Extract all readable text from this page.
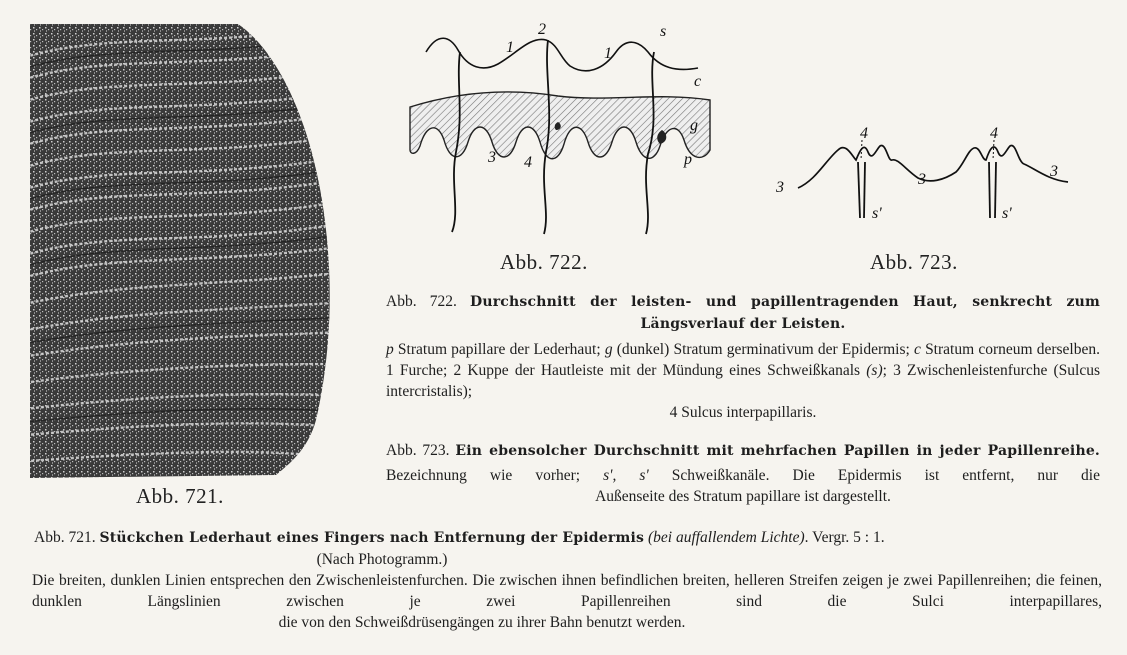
Abb. 721.
1
2
1
s
c
g
p
3 4
Abb. 722.
3
4
s'
3
4
s'
3
Abb. 723.
Abb. 722. Durchschnitt der leisten- und papillentragenden Haut, senkrecht zum
Längsverlauf der Leisten.
p Stratum papillare der Lederhaut; g (dunkel) Stratum germinativum der Epidermis; c Stratum corneum derselben. 1 Furche; 2 Kuppe der Hautleiste mit der Mündung eines Schweißkanals (s); 3 Zwischenleistenfurche (Sulcus intercristalis);
4 Sulcus interpapillaris.
Abb. 723. Ein ebensolcher Durchschnitt mit mehrfachen Papillen in jeder Papillenreihe.
Bezeichnung wie vorher; s', s' Schweißkanäle. Die Epidermis ist entfernt, nur die
Außenseite des Stratum papillare ist dargestellt.
Abb. 721. Stückchen Lederhaut eines Fingers nach Entfernung der Epidermis (bei auffallendem Lichte). Vergr. 5 : 1.
(Nach Photogramm.)
Die breiten, dunklen Linien entsprechen den Zwischenleistenfurchen. Die zwischen ihnen befindlichen breiten, helleren Streifen zeigen je zwei Papillenreihen; die feinen, dunklen Längslinien zwischen je zwei Papillenreihen sind die Sulci interpapillares,
die von den Schweißdrüsengängen zu ihrer Bahn benutzt werden.
